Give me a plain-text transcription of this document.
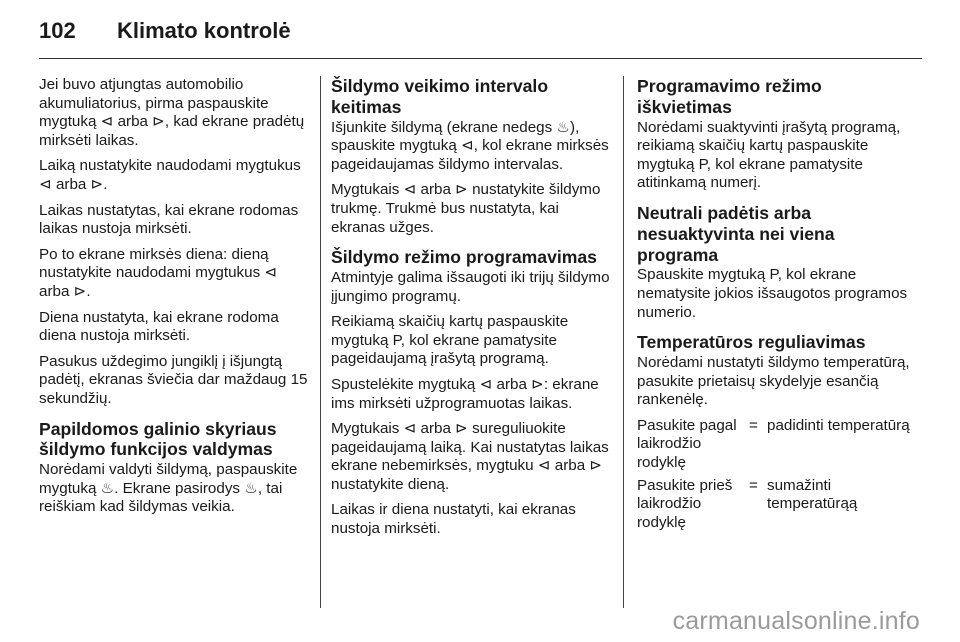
102	Klimato kontrolė

Jei buvo atjungtas automobilio akumuliatorius, pirma paspauskite mygtuką ⊲ arba ⊳, kad ekrane pradėtų mirksėti laikas.

Laiką nustatykite naudodami mygtukus ⊲ arba ⊳.

Laikas nustatytas, kai ekrane rodomas laikas nustoja mirksėti.

Po to ekrane mirksės diena: dieną nustatykite naudodami mygtukus ⊲ arba ⊳.

Diena nustatyta, kai ekrane rodoma diena nustoja mirksėti.

Pasukus uždegimo jungiklį į išjungtą padėtį, ekranas šviečia dar maždaug 15 sekundžių.

Papildomos galinio skyriaus šildymo funkcijos valdymas

Norėdami valdyti šildymą, paspauskite mygtuką ♨. Ekrane pasirodys ♨, tai reiškiam kad šildymas veikia.

Šildymo veikimo intervalo keitimas

Išjunkite šildymą (ekrane nedegs ♨), spauskite mygtuką ⊲, kol ekrane mirksės pageidaujamas šildymo intervalas.

Mygtukais ⊲ arba ⊳ nustatykite šildymo trukmę. Trukmė bus nustatyta, kai ekranas užges.

Šildymo režimo programavimas

Atmintyje galima išsaugoti iki trijų šildymo įjungimo programų.

Reikiamą skaičių kartų paspauskite mygtuką P, kol ekrane pamatysite pageidaujamą įrašytą programą.

Spustelėkite mygtuką ⊲ arba ⊳: ekrane ims mirksėti užprogramuotas laikas.

Mygtukais ⊲ arba ⊳ sureguliuokite pageidaujamą laiką. Kai nustatytas laikas ekrane nebemirksės, mygtuku ⊲ arba ⊳ nustatykite dieną.

Laikas ir diena nustatyti, kai ekranas nustoja mirksėti.

Programavimo režimo iškvietimas

Norėdami suaktyvinti įrašytą programą, reikiamą skaičių kartų paspauskite mygtuką P, kol ekrane pamatysite atitinkamą numerį.

Neutrali padėtis arba nesuaktyvinta nei viena programa

Spauskite mygtuką P, kol ekrane nematysite jokios išsaugotos programos numerio.

Temperatūros reguliavimas

Norėdami nustatyti šildymo temperatūrą, pasukite prietaisų skydelyje esančią rankenėlę.

Pasukite pagal laikrodžio rodyklę
= padidinti temperatūrą
Pasukite prieš laikrodžio rodyklę
= sumažinti temperatūrąą
carmanualsonline.info
